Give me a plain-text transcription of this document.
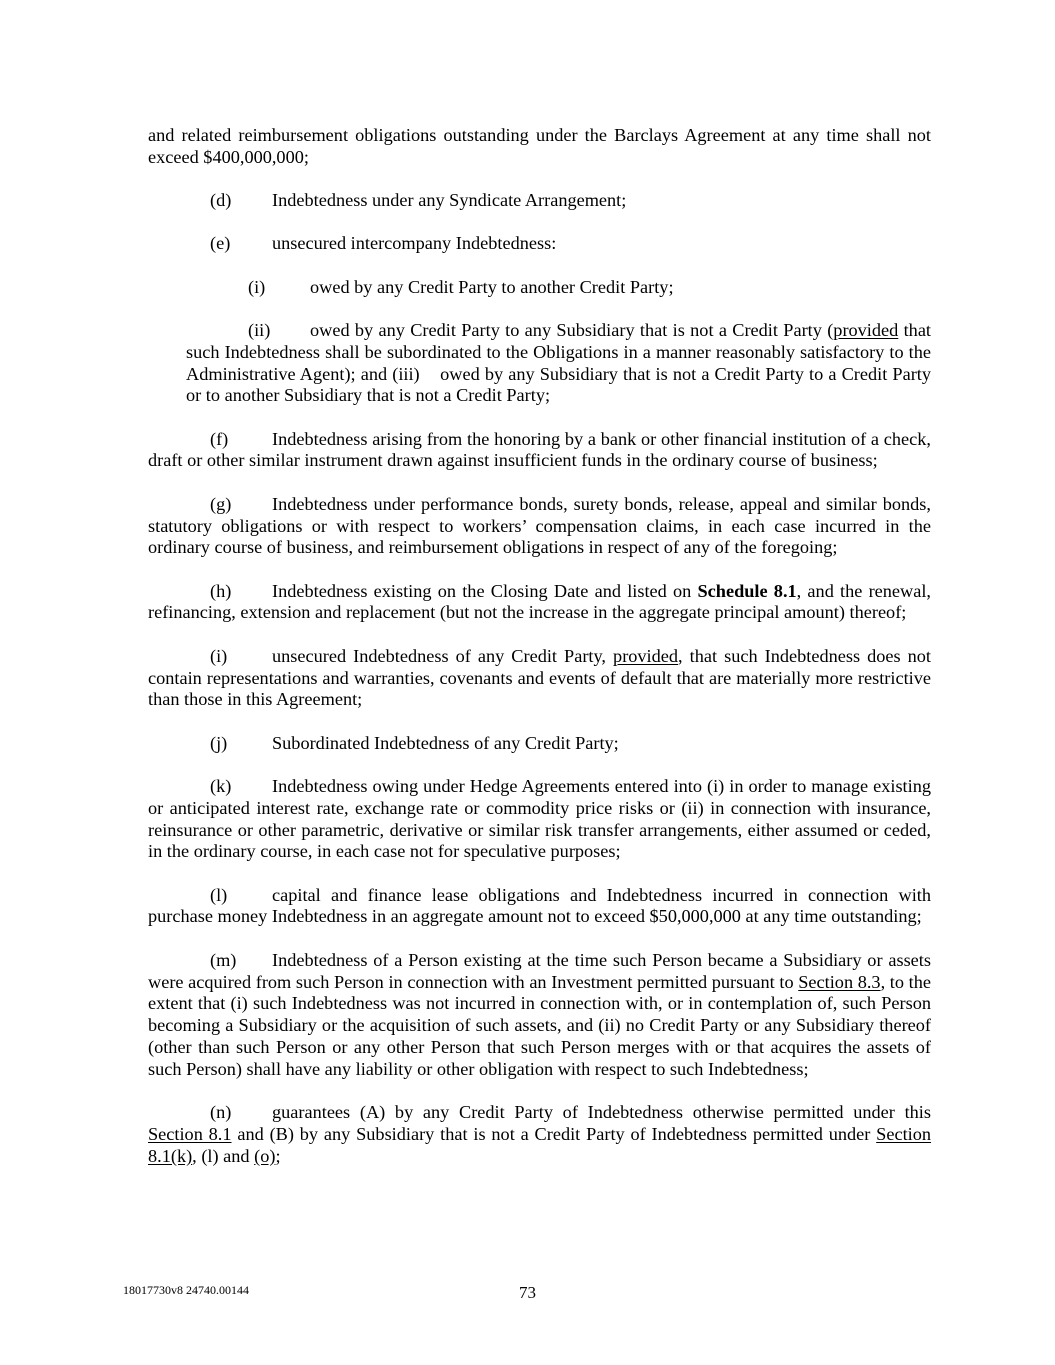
and related reimbursement obligations outstanding under the Barclays Agreement at any time shall not exceed $400,000,000;

(d) Indebtedness under any Syndicate Arrangement;

(e) unsecured intercompany Indebtedness:

(i) owed by any Credit Party to another Credit Party;

(ii) owed by any Credit Party to any Subsidiary that is not a Credit Party (provided that such Indebtedness shall be subordinated to the Obligations in a manner reasonably satisfactory to the Administrative Agent); and (iii) owed by any Subsidiary that is not a Credit Party to a Credit Party or to another Subsidiary that is not a Credit Party;

(f) Indebtedness arising from the honoring by a bank or other financial institution of a check, draft or other similar instrument drawn against insufficient funds in the ordinary course of business;

(g) Indebtedness under performance bonds, surety bonds, release, appeal and similar bonds, statutory obligations or with respect to workers’ compensation claims, in each case incurred in the ordinary course of business, and reimbursement obligations in respect of any of the foregoing;

(h) Indebtedness existing on the Closing Date and listed on Schedule 8.1, and the renewal, refinancing, extension and replacement (but not the increase in the aggregate principal amount) thereof;

(i) unsecured Indebtedness of any Credit Party, provided, that such Indebtedness does not contain representations and warranties, covenants and events of default that are materially more restrictive than those in this Agreement;

(j) Subordinated Indebtedness of any Credit Party;

(k) Indebtedness owing under Hedge Agreements entered into (i) in order to manage existing or anticipated interest rate, exchange rate or commodity price risks or (ii) in connection with insurance, reinsurance or other parametric, derivative or similar risk transfer arrangements, either assumed or ceded, in the ordinary course, in each case not for speculative purposes;

(l) capital and finance lease obligations and Indebtedness incurred in connection with purchase money Indebtedness in an aggregate amount not to exceed $50,000,000 at any time outstanding;

(m) Indebtedness of a Person existing at the time such Person became a Subsidiary or assets were acquired from such Person in connection with an Investment permitted pursuant to Section 8.3, to the extent that (i) such Indebtedness was not incurred in connection with, or in contemplation of, such Person becoming a Subsidiary or the acquisition of such assets, and (ii) no Credit Party or any Subsidiary thereof (other than such Person or any other Person that such Person merges with or that acquires the assets of such Person) shall have any liability or other obligation with respect to such Indebtedness;

(n) guarantees (A) by any Credit Party of Indebtedness otherwise permitted under this Section 8.1 and (B) by any Subsidiary that is not a Credit Party of Indebtedness permitted under Section 8.1(k), (l) and (o);

18017730v8 24740.00144	73
